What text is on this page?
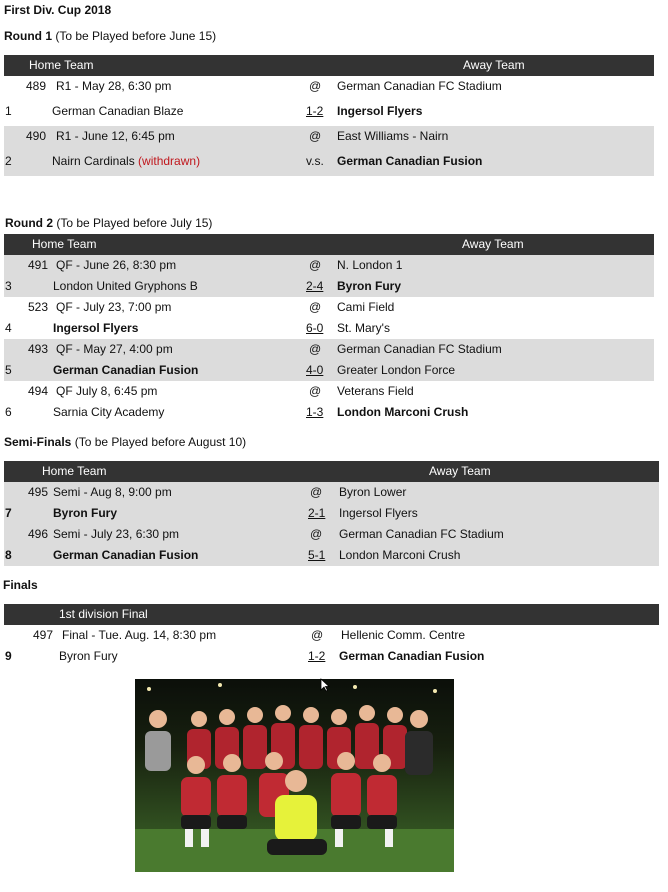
First Div. Cup 2018
Round 1 (To be Played before June 15)
Home Team	Away Team
489 R1 - May 28, 6:30 pm	@ German Canadian FC Stadium
1	German Canadian Blaze	1-2 Ingersol Flyers
490 R1 - June 12, 6:45 pm	@ East Williams - Nairn
2	Nairn Cardinals (withdrawn)	v.s. German Canadian Fusion
Round 2 (To be Played before July 15)
Home Team	Away Team
491 QF - June 26, 8:30 pm	@ N. London 1
3	London United Gryphons B	2-4 Byron Fury
523 QF - July 23, 7:00 pm	@ Cami Field
4	Ingersol Flyers	6-0 St. Mary's
493 QF - May 27, 4:00 pm	@ German Canadian FC Stadium
5	German Canadian Fusion	4-0 Greater London Force
494 QF July 8, 6:45 pm	@ Veterans Field
6	Sarnia City Academy	1-3 London Marconi Crush
Semi-Finals (To be Played before August 10)
Home Team	Away Team
495 Semi - Aug 8, 9:00 pm	@ Byron Lower
7	Byron Fury	2-1 Ingersol Flyers
496 Semi - July 23, 6:30 pm	@ German Canadian FC Stadium
8	German Canadian Fusion	5-1 London Marconi Crush
Finals
1st division Final
497 Final - Tue. Aug. 14, 8:30 pm	@ Hellenic Comm. Centre
9	Byron Fury	1-2 German Canadian Fusion
